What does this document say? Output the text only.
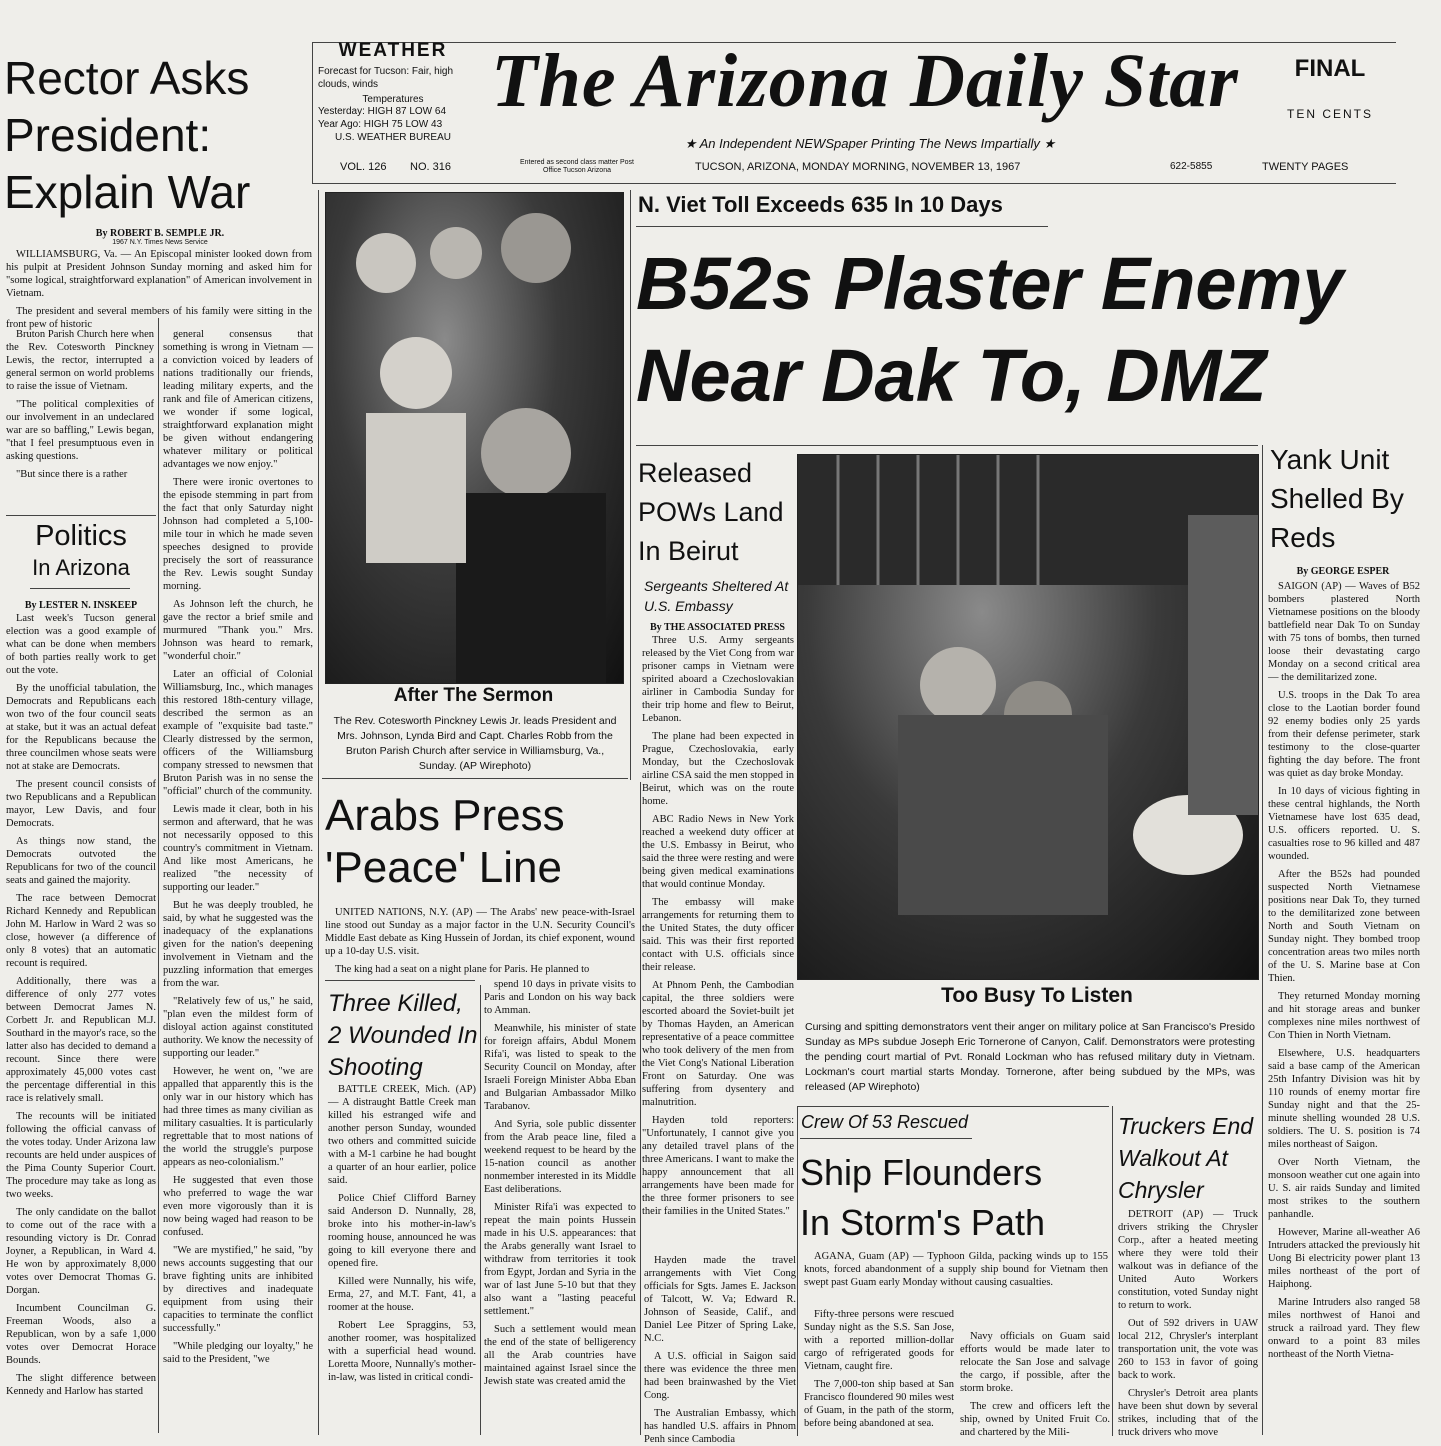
WEATHER
Forecast for Tucson: Fair, high clouds, winds
Temperatures
Yesterday: HIGH 87 LOW 64
Year Ago: HIGH 75 LOW 43
U.S. WEATHER BUREAU
The Arizona Daily Star
★ An Independent NEWSpaper Printing The News Impartially ★
FINAL
TEN CENTS
VOL. 126 NO. 316	Entered as second class matter Post Office Tucson Arizona	TUCSON, ARIZONA, MONDAY MORNING, NOVEMBER 13, 1967	622-5855	TWENTY PAGES
Rector Asks President: Explain War
By ROBERT B. SEMPLE JR.
1967 N.Y. Times News Service

WILLIAMSBURG, Va. — An Episcopal minister looked down from his pulpit at President Johnson Sunday morning and asked him for "some logical, straightforward explanation" of American involvement in Vietnam.

The president and several members of his family were sitting in the front pew of historic

Bruton Parish Church here when the Rev. Cotesworth Pinckney Lewis, the rector, interrupted a general sermon on world problems to raise the issue of Vietnam.

"The political complexities of our involvement in an undeclared war are so baffling," Lewis began, "that I feel presumptuous even in asking questions.

"But since there is a rather

general consensus that something is wrong in Vietnam — a conviction voiced by leaders of nations traditionally our friends, leading military experts, and the rank and file of American citizens, we wonder if some logical, straightforward explanation might be given without endangering whatever military or political advantages we now enjoy."

There were ironic overtones to the episode stemming in part from the fact that only Saturday night Johnson had completed a 5,100-mile tour in which he made seven speeches designed to provide precisely the sort of reassurance the Rev. Lewis sought Sunday morning.

As Johnson left the church, he gave the rector a brief smile and murmured "Thank you." Mrs. Johnson was heard to remark, "wonderful choir."

Later an official of Colonial Williamsburg, Inc., which manages this restored 18th-century village, described the sermon as an example of "exquisite bad taste." Clearly distressed by the sermon, officers of the Williamsburg company stressed to newsmen that Bruton Parish was in no sense the "official" church of the community.

Lewis made it clear, both in his sermon and afterward, that he was not necessarily opposed to this country's commitment in Vietnam. And like most Americans, he realized "the necessity of supporting our leader."

But he was deeply troubled, he said, by what he suggested was the inadequacy of the explanations given for the nation's deepening involvement in Vietnam and the puzzling information that emerges from the war.

"Relatively few of us," he said, "plan even the mildest form of disloyal action against constituted authority. We know the necessity of supporting our leader."

However, he went on, "we are appalled that apparently this is the only war in our history which has had three times as many civilian as military casualties. It is particularly regrettable that to most nations of the world the struggle's purpose appears as neo-colonialism."

He suggested that even those who preferred to wage the war even more vigorously than it is now being waged had reason to be confused.

"We are mystified," he said, "by news accounts suggesting that our brave fighting units are inhibited by directives and inadequate equipment from using their capacities to terminate the conflict successfully."

"While pledging our loyalty," he said to the President, "we

Politics
In Arizona
By LESTER N. INSKEEP

Last week's Tucson general election was a good example of what can be done when members of both parties really work to get out the vote.

By the unofficial tabulation, the Democrats and Republicans each won two of the four council seats at stake, but it was an actual defeat for the Republicans because the three councilmen whose seats were not at stake are Democrats.

The present council consists of two Republicans and a Republican mayor, Lew Davis, and four Democrats.

As things now stand, the Democrats outvoted the Republicans for two of the council seats and gained the majority.

The race between Democrat Richard Kennedy and Republican John M. Harlow in Ward 2 was so close, however (a difference of only 8 votes) that an automatic recount is required.

Additionally, there was a difference of only 277 votes between Democrat James N. Corbett Jr. and Republican M.J. Southard in the mayor's race, so the latter also has decided to demand a recount. Since there were approximately 45,000 votes cast the percentage differential in this race is relatively small.

The recounts will be initiated following the official canvass of the votes today. Under Arizona law recounts are held under auspices of the Pima County Superior Court. The procedure may take as long as two weeks.

The only candidate on the ballot to come out of the race with a resounding victory is Dr. Conrad Joyner, a Republican, in Ward 4. He won by approximately 8,000 votes over Democrat Thomas G. Dorgan.

Incumbent Councilman G. Freeman Woods, also a Republican, won by a safe 1,000 votes over Democrat Horace Bounds.

The slight difference between Kennedy and Harlow has started

After The Sermon
The Rev. Cotesworth Pinckney Lewis Jr. leads President and Mrs. Johnson, Lynda Bird and Capt. Charles Robb from the Bruton Parish Church after service in Williamsburg, Va., Sunday. (AP Wirephoto)
Arabs Press
'Peace' Line

UNITED NATIONS, N.Y. (AP) — The Arabs' new peace-with-Israel line stood out Sunday as a major factor in the U.N. Security Council's Middle East debate as King Hussein of Jordan, its chief exponent, wound up a 10-day U.S. visit.

The king had a seat on a night plane for Paris. He planned to

Three Killed, 2 Wounded In Shooting

BATTLE CREEK, Mich. (AP) — A distraught Battle Creek man killed his estranged wife and another person Sunday, wounded two others and committed suicide with a M-1 carbine he had bought a quarter of an hour earlier, police said.

Police Chief Clifford Barney said Anderson D. Nunnally, 28, broke into his mother-in-law's rooming house, announced he was going to kill everyone there and opened fire.

Killed were Nunnally, his wife, Erma, 27, and M.T. Fant, 41, a roomer at the house.

Robert Lee Spraggins, 53, another roomer, was hospitalized with a superficial head wound. Loretta Moore, Nunnally's mother-in-law, was listed in critical condi-

spend 10 days in private visits to Paris and London on his way back to Amman.

Meanwhile, his minister of state for foreign affairs, Abdul Monem Rifa'i, was listed to speak to the Security Council on Monday, after Israeli Foreign Minister Abba Eban and Bulgarian Ambassador Milko Tarabanov.

And Syria, sole public dissenter from the Arab peace line, filed a weekend request to be heard by the 15-nation council as another nonmember interested in its Middle East deliberations.

Minister Rifa'i was expected to repeat the main points Hussein made in his U.S. appearances: that the Arabs generally want Israel to withdraw from territories it took from Egypt, Jordan and Syria in the war of last June 5-10 but that they also want a "lasting peaceful settlement."

Such a settlement would mean the end of the state of belligerency all the Arab countries have maintained against Israel since the Jewish state was created amid the

N. Viet Toll Exceeds 635 In 10 Days
B52s Plaster Enemy
Near Dak To, DMZ
Released POWs Land In Beirut
Sergeants Sheltered At U.S. Embassy
By THE ASSOCIATED PRESS

Three U.S. Army sergeants released by the Viet Cong from war prisoner camps in Vietnam were spirited aboard a Czechoslovakian airliner in Cambodia Sunday for their trip home and flew to Beirut, Lebanon.

The plane had been expected in Prague, Czechoslovakia, early Monday, but the Czechoslovak airline CSA said the men stopped in Beirut, which was on the route home.

ABC Radio News in New York reached a weekend duty officer at the U.S. Embassy in Beirut, who said the three were resting and were being given medical examinations that would continue Monday.

The embassy will make arrangements for returning them to the United States, the duty officer said. This was their first reported contact with U.S. officials since their release.

At Phnom Penh, the Cambodian capital, the three soldiers were escorted aboard the Soviet-built jet by Thomas Hayden, an American representative of a peace committee who took delivery of the men from the Viet Cong's National Liberation Front on Saturday. One was suffering from dysentery and malnutrition.

Hayden told reporters: "Unfortunately, I cannot give you any detailed travel plans of the three Americans. I want to make the happy announcement that all arrangements have been made for the three former prisoners to see their families in the United States."

Hayden made the travel arrangements with Viet Cong officials for Sgts. James E. Jackson of Talcott, W. Va; Edward R. Johnson of Seaside, Calif., and Daniel Lee Pitzer of Spring Lake, N.C.

A U.S. official in Saigon said there was evidence the three men had been brainwashed by the Viet Cong.

The Australian Embassy, which has handled U.S. affairs in Phnom Penh since Cambodia

Too Busy To Listen
Cursing and spitting demonstrators vent their anger on military police at San Francisco's Presido Sunday as MPs subdue Joseph Eric Tornerone of Canyon, Calif. Demonstrators were protesting the pending court martial of Pvt. Ronald Lockman who has refused military duty in Vietnam. Lockman's court martial starts Monday. Tornerone, after being subdued by the MPs, was released (AP Wirephoto)
Yank Unit Shelled By Reds
By GEORGE ESPER

SAIGON (AP) — Waves of B52 bombers plastered North Vietnamese positions on the bloody battlefield near Dak To on Sunday with 75 tons of bombs, then turned loose their devastating cargo Monday on a second critical area — the demilitarized zone.

U.S. troops in the Dak To area close to the Laotian border found 92 enemy bodies only 25 yards from their defense perimeter, stark testimony to the close-quarter fighting the day before. The front was quiet as day broke Monday.

In 10 days of vicious fighting in these central highlands, the North Vietnamese have lost 635 dead, U.S. officers reported. U. S. casualties rose to 96 killed and 487 wounded.

After the B52s had pounded suspected North Vietnamese positions near Dak To, they turned to the demilitarized zone between North and South Vietnam on Sunday night. They bombed troop concentration areas two miles north of the U. S. Marine base at Con Thien.

They returned Monday morning and hit storage areas and bunker complexes nine miles northwest of Con Thien in North Vietnam.

Elsewhere, U.S. headquarters said a base camp of the American 25th Infantry Division was hit by 110 rounds of enemy mortar fire Sunday night and that the 25-minute shelling wounded 28 U.S. soldiers. The U. S. position is 74 miles northeast of Saigon.

Over North Vietnam, the monsoon weather cut one again into U. S. air raids Sunday and limited most strikes to the southern panhandle.

However, Marine all-weather A6 Intruders attacked the previously hit Uong Bi electricity power plant 13 miles northeast of the port of Haiphong.

Marine Intruders also ranged 58 miles northwest of Hanoi and struck a railroad yard. They flew onward to a point 83 miles northeast of the North Vietna-

Crew Of 53 Rescued
Ship Flounders
In Storm's Path
AGANA, Guam (AP) — Typhoon Gilda, packing winds up to 155 knots, forced abandonment of a supply ship bound for Vietnam then swept past Guam early Monday without causing casualties.

Fifty-three persons were rescued Sunday night as the S.S. San Jose, with a reported million-dollar cargo of refrigerated goods for Vietnam, caught fire.

The 7,000-ton ship based at San Francisco floundered 90 miles west of Guam, in the path of the storm, before being abandoned at sea.

Navy officials on Guam said efforts would be made later to relocate the San Jose and salvage the cargo, if possible, after the storm broke.

The crew and officers left the ship, owned by United Fruit Co. and chartered by the Mili-

Truckers End Walkout At Chrysler

DETROIT (AP) — Truck drivers striking the Chrysler Corp., after a heated meeting where they were told their walkout was in defiance of the United Auto Workers constitution, voted Sunday night to return to work.

Out of 592 drivers in UAW local 212, Chrysler's interplant transportation unit, the vote was 260 to 153 in favor of going back to work.

Chrysler's Detroit area plants have been shut down by several strikes, including that of the truck drivers who move
